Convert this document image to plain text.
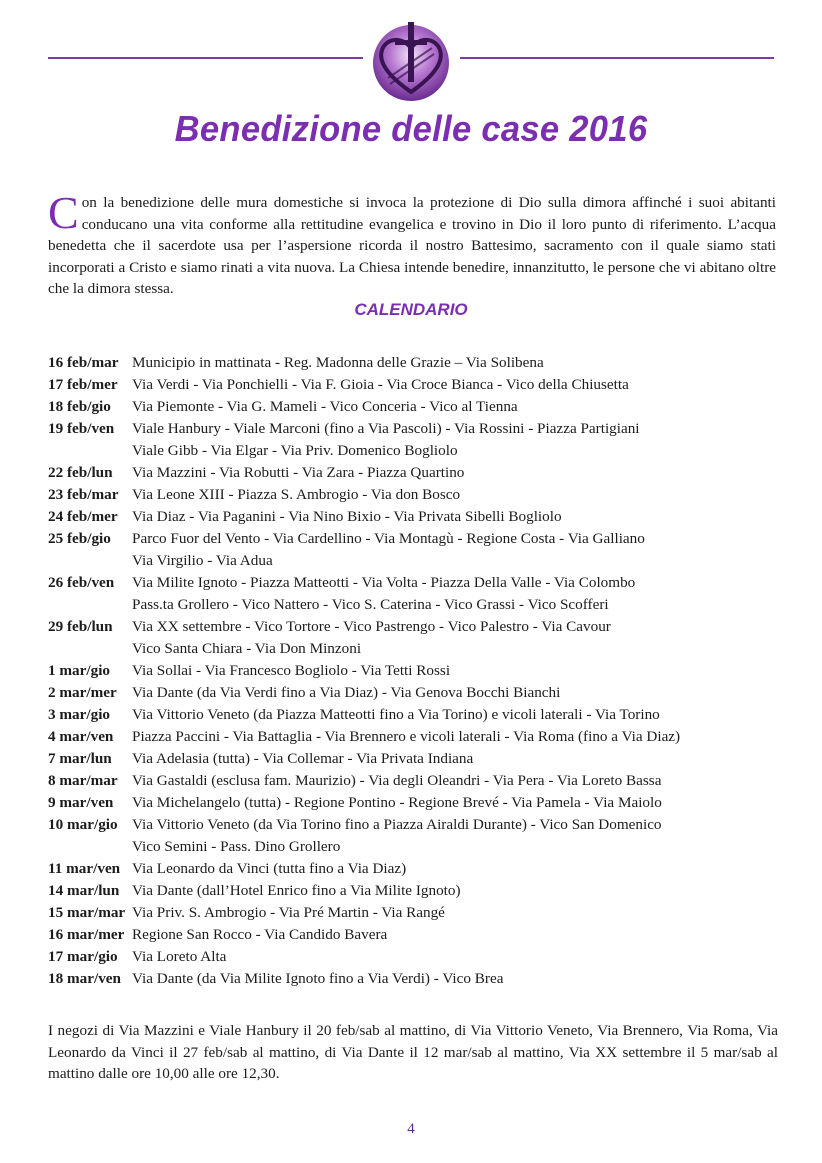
Benedizione delle case 2016
Con la benedizione delle mura domestiche si invoca la protezione di Dio sulla dimora affinché i suoi abitanti conducano una vita conforme alla rettitudine evangelica e trovino in Dio il loro punto di riferimento. L’acqua benedetta che il sacerdote usa per l’aspersione ricorda il nostro Battesimo, sacramento con il quale siamo stati incorporati a Cristo e siamo rinati a vita nuova. La Chiesa intende benedire, innanzitutto, le persone che vi abitano oltre che la dimora stessa.
CALENDARIO
16 feb/mar Municipio in mattinata - Reg. Madonna delle Grazie – Via Solibena
17 feb/mer Via Verdi - Via Ponchielli - Via F. Gioia - Via Croce Bianca - Vico della Chiusetta
18 feb/gio	Via Piemonte - Via G. Mameli - Vico Conceria - Vico al Tienna
19 feb/ven	Viale Hanbury - Viale Marconi (fino a Via Pascoli) - Via Rossini - Piazza Partigiani
Viale Gibb - Via Elgar - Via Priv. Domenico Bogliolo
22 feb/lun	Via Mazzini - Via Robutti - Via Zara - Piazza Quartino
23 feb/mar Via Leone XIII - Piazza S. Ambrogio - Via don Bosco
24 feb/mer Via Diaz - Via Paganini - Via Nino Bixio - Via Privata Sibelli Bogliolo
25 feb/gio	Parco Fuor del Vento - Via Cardellino - Via Montagù - Regione Costa - Via Galliano
Via Virgilio - Via Adua
26 feb/ven	Via Milite Ignoto - Piazza Matteotti - Via Volta - Piazza Della Valle - Via Colombo
Pass.ta Grollero - Vico Nattero - Vico S. Caterina - Vico Grassi - Vico Scofferi
29 feb/lun	Via XX settembre - Vico Tortore - Vico Pastrengo - Vico Palestro - Via Cavour
Vico Santa Chiara - Via Don Minzoni
1 mar/gio	Via Sollai - Via Francesco Bogliolo - Via Tetti Rossi
2 mar/mer	Via Dante (da Via Verdi fino a Via Diaz) - Via Genova Bocchi Bianchi
3 mar/gio	Via Vittorio Veneto (da Piazza Matteotti fino a Via Torino) e vicoli laterali - Via Torino
4 mar/ven	Piazza Paccini - Via Battaglia - Via Brennero e vicoli laterali - Via Roma (fino a Via Diaz)
7 mar/lun	Via Adelasia (tutta) - Via Collemar - Via Privata Indiana
8 mar/mar Via Gastaldi (esclusa fam. Maurizio) - Via degli Oleandri - Via Pera - Via Loreto Bassa
9 mar/ven	Via Michelangelo (tutta) - Regione Pontino - Regione Brevé - Via Pamela - Via Maiolo
10 mar/gio Via Vittorio Veneto (da Via Torino fino a Piazza Airaldi Durante) - Vico San Domenico
Vico Semini - Pass. Dino Grollero
11 mar/ven Via Leonardo da Vinci (tutta fino a Via Diaz)
14 mar/lun Via Dante (dall’Hotel Enrico fino a Via Milite Ignoto)
15 mar/mar Via Priv. S. Ambrogio - Via Pré Martin - Via Rangé
16 mar/mer Regione San Rocco - Via Candido Bavera
17 mar/gio Via Loreto Alta
18 mar/ven Via Dante (da Via Milite Ignoto fino a Via Verdi) - Vico Brea
I negozi di Via Mazzini e Viale Hanbury il 20 feb/sab al mattino, di Via Vittorio Veneto, Via Brennero, Via Roma, Via Leonardo da Vinci il 27 feb/sab al mattino, di Via Dante il 12 mar/sab al mattino, Via XX settembre il 5 mar/sab al mattino dalle ore 10,00 alle ore 12,30.
4
